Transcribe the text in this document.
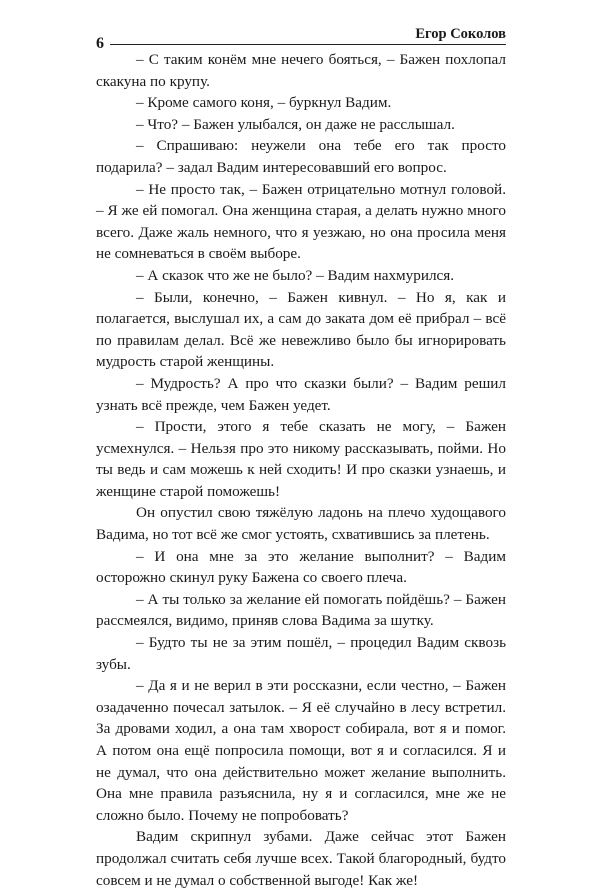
6
Егор Соколов

– С таким конём мне нечего бояться, – Бажен похлопал скакуна по крупу.

– Кроме самого коня, – буркнул Вадим.

– Что? – Бажен улыбался, он даже не расслышал.

– Спрашиваю: неужели она тебе его так просто подарила? – задал Вадим интересовавший его вопрос.

– Не просто так, – Бажен отрицательно мотнул головой. – Я же ей помогал. Она женщина старая, а делать нужно много всего. Даже жаль немного, что я уезжаю, но она просила меня не сомневаться в своём выборе.

– А сказок что же не было? – Вадим нахмурился.

– Были, конечно, – Бажен кивнул. – Но я, как и полагается, выслушал их, а сам до заката дом её прибрал – всё по правилам делал. Всё же невежливо было бы игнорировать мудрость старой женщины.

– Мудрость? А про что сказки были? – Вадим решил узнать всё прежде, чем Бажен уедет.

– Прости, этого я тебе сказать не могу, – Бажен усмехнулся. – Нельзя про это никому рассказывать, пойми. Но ты ведь и сам можешь к ней сходить! И про сказки узнаешь, и женщине старой поможешь!

Он опустил свою тяжёлую ладонь на плечо худощавого Вадима, но тот всё же смог устоять, схватившись за плетень.

– И она мне за это желание выполнит? – Вадим осторожно скинул руку Бажена со своего плеча.

– А ты только за желание ей помогать пойдёшь? – Бажен рассмеялся, видимо, приняв слова Вадима за шутку.

– Будто ты не за этим пошёл, – процедил Вадим сквозь зубы.

– Да я и не верил в эти россказни, если честно, – Бажен озадаченно почесал затылок. – Я её случайно в лесу встретил. За дровами ходил, а она там хворост собирала, вот я и помог. А потом она ещё попросила помощи, вот я и согласился. Я и не думал, что она действительно может желание выполнить. Она мне правила разъяснила, ну я и согласился, мне же не сложно было. Почему не попробовать?

Вадим скрипнул зубами. Даже сейчас этот Бажен продолжал считать себя лучше всех. Такой благородный, будто совсем и не думал о собственной выгоде! Как же!
